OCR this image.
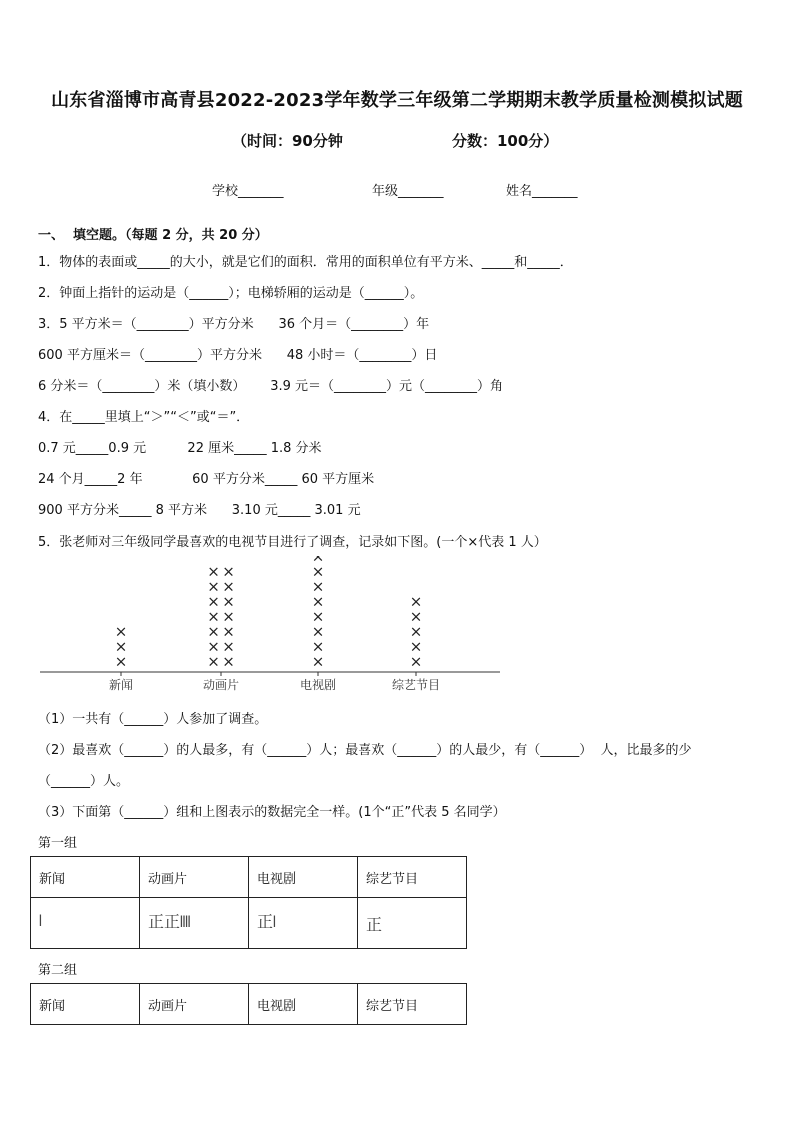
山东省淄博市高青县2022-2023学年数学三年级第二学期期末教学质量检测模拟试题
（时间：90分钟	分数：100分）
学校_______	年级_______	姓名_______
一、  填空题。（每题 2 分，共 20 分）
1．物体的表面或_____的大小，就是它们的面积．常用的面积单位有平方米、_____和_____．
2．钟面上指针的运动是（______）；电梯轿厢的运动是（______）。
3．5 平方米＝（________）平方分米      36 个月＝（________）年
600 平方厘米＝（________）平方分米      48 小时＝（________）日
6 分米＝（________）米（填小数）      3.9 元＝（________）元（________）角
4．在_____里填上“＞”“＜”或“＝”．
0.7 元_____0.9 元          22 厘米_____ 1.8 分米
24 个月_____2 年            60 平方分米_____ 60 平方厘米
900 平方分米_____ 8 平方米      3.10 元_____ 3.01 元
5．张老师对三年级同学最喜欢的电视节目进行了调查，记录如下图。(一个×代表 1 人）
新闻
×
×
×
动画片
× ×
× ×
× ×
× ×
× ×
× ×
× ×
电视剧
×
×
×
×
×
×
×
×
综艺节目
×
×
×
×
×
（1）一共有（______）人参加了调查。
（2）最喜欢（______）的人最多，有（______）人；最喜欢（______）的人最少，有（______）  人，比最多的少
（______）人。
（3）下面第（______）组和上图表示的数据完全一样。(1个“正”代表 5 名同学）
第一组
新闻	动画片	电视剧	综艺节目
𝍩	正正𝍬	正𝍩	正
第二组
新闻	动画片	电视剧	综艺节目
